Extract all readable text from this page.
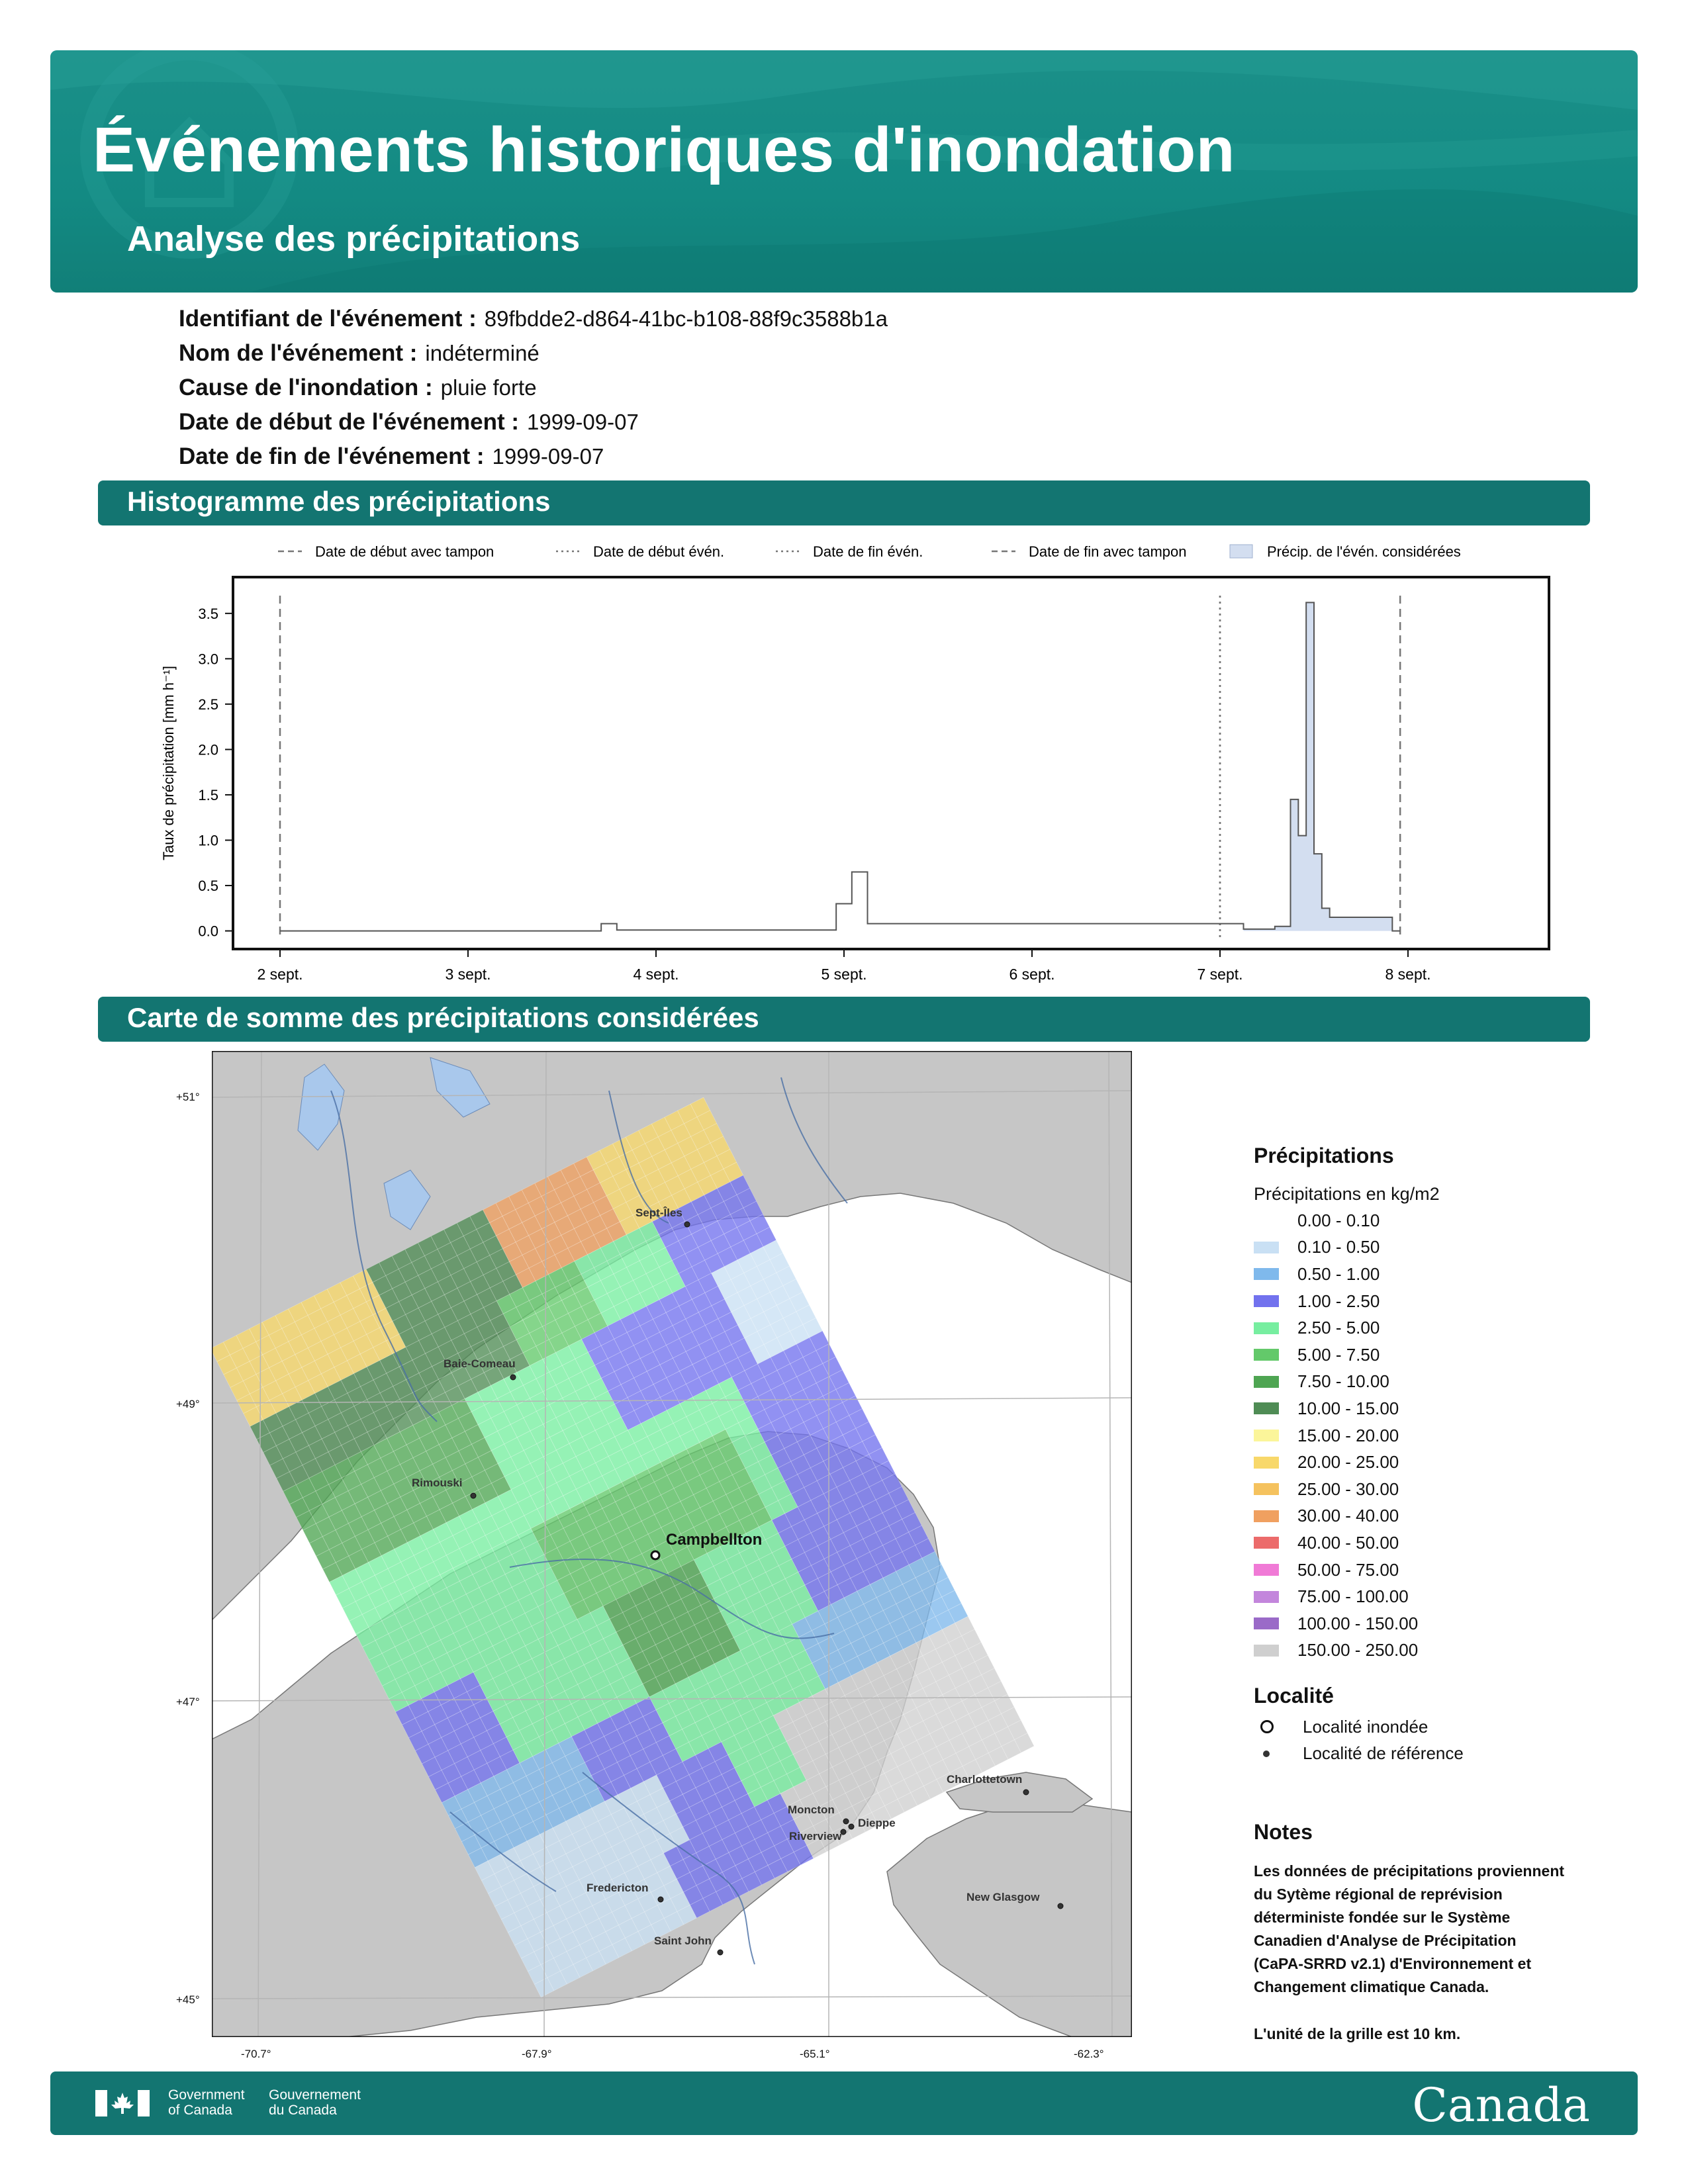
Événements historiques d'inondation
Analyse des précipitations
Identifiant de l'événement : 89fbdde2-d864-41bc-b108-88f9c3588b1a
Nom de l'événement : indéterminé
Cause de l'inondation : pluie forte
Date de début de l'événement : 1999-09-07
Date de fin de l'événement : 1999-09-07
Histogramme des précipitations
Date de début avec tampon	Date de début évén.	Date de fin évén.	Date de fin avec tampon	Précip. de l'évén. considérées
0.0
0.5
1.0
1.5
2.0
2.5
3.0
3.5
2 sept.	3 sept.	4 sept.	5 sept.	6 sept.	7 sept.	8 sept.
Taux de précipitation [mm h⁻¹]
Carte de somme des précipitations considérées
Sept-Îles
Baie-Comeau
Rimouski
Campbellton
Moncton
Dieppe
Riverview
Fredericton
Charlottetown
New Glasgow
Saint John
+51°
+49°
+47°
+45°
-70.7°	-67.9°	-65.1°	-62.3°
Précipitations
Précipitations en kg/m2
0.00 - 0.10
0.10 - 0.50
0.50 - 1.00
1.00 - 2.50
2.50 - 5.00
5.00 - 7.50
7.50 - 10.00
10.00 - 15.00
15.00 - 20.00
20.00 - 25.00
25.00 - 30.00
30.00 - 40.00
40.00 - 50.00
50.00 - 75.00
75.00 - 100.00
100.00 - 150.00
150.00 - 250.00
Localité
Localité inondée
Localité de référence
Notes
Les données de précipitations proviennent
du Sytème régional de reprévision
déterministe fondée sur le Système
Canadien d'Analyse de Précipitation
(CaPA-SRRD v2.1) d'Environnement et
Changement climatique Canada.
L'unité de la grille est 10 km.
Government
of Canada
Gouvernement
du Canada	Canada
